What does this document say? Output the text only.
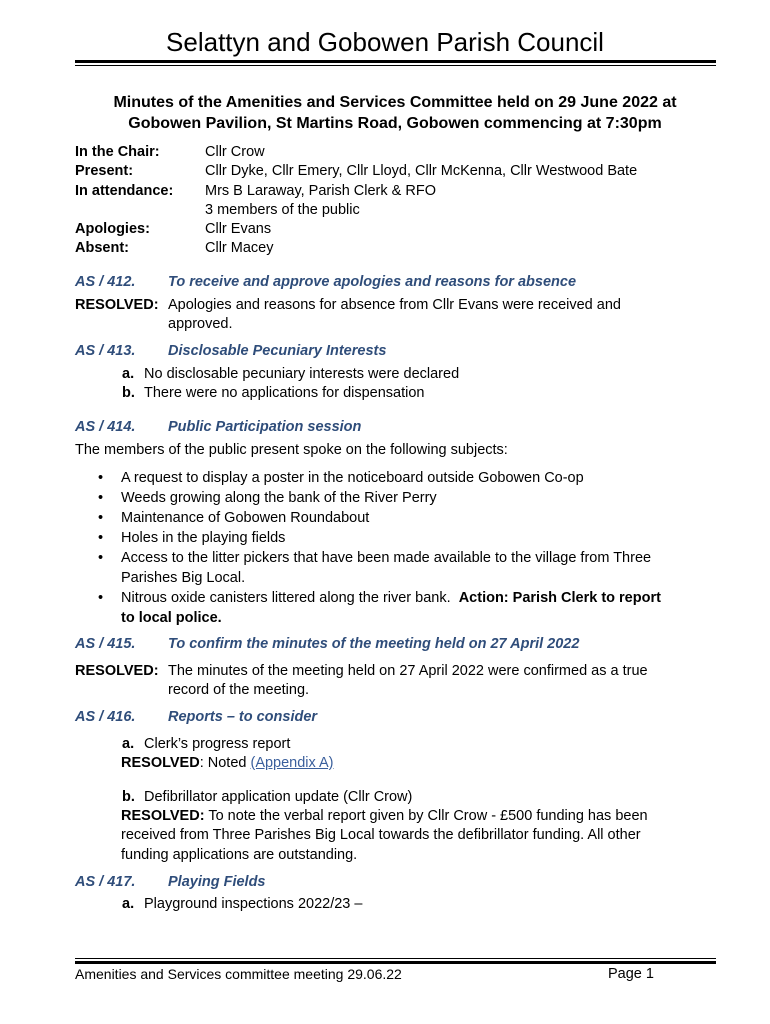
Selattyn and Gobowen Parish Council
Minutes of the Amenities and Services Committee held on 29 June 2022 at
Gobowen Pavilion, St Martins Road, Gobowen commencing at 7:30pm
In the Chair:	Cllr Crow
Present:	Cllr Dyke, Cllr Emery, Cllr Lloyd, Cllr McKenna, Cllr Westwood Bate
In attendance: Mrs B Laraway, Parish Clerk & RFO
3 members of the public
Apologies:	Cllr Evans
Absent:	Cllr Macey
AS / 412. To receive and approve apologies and reasons for absence
RESOLVED: Apologies and reasons for absence from Cllr Evans were received and
approved.
AS / 413. Disclosable Pecuniary Interests
a. No disclosable pecuniary interests were declared
b. There were no applications for dispensation
AS / 414. Public Participation session
The members of the public present spoke on the following subjects:
• A request to display a poster in the noticeboard outside Gobowen Co-op
• Weeds growing along the bank of the River Perry
• Maintenance of Gobowen Roundabout
• Holes in the playing fields
• Access to the litter pickers that have been made available to the village from Three
Parishes Big Local.
• Nitrous oxide canisters littered along the river bank. Action: Parish Clerk to report
to local police.
AS / 415. To confirm the minutes of the meeting held on 27 April 2022
RESOLVED: The minutes of the meeting held on 27 April 2022 were confirmed as a true
record of the meeting.
AS / 416. Reports – to consider
a. Clerk’s progress report
RESOLVED: Noted (Appendix A)
b. Defibrillator application update (Cllr Crow)
RESOLVED: To note the verbal report given by Cllr Crow - £500 funding has been
received from Three Parishes Big Local towards the defibrillator funding. All other
funding applications are outstanding.
AS / 417. Playing Fields
a. Playground inspections 2022/23 –
Amenities and Services committee meeting 29.06.22	Page 1
